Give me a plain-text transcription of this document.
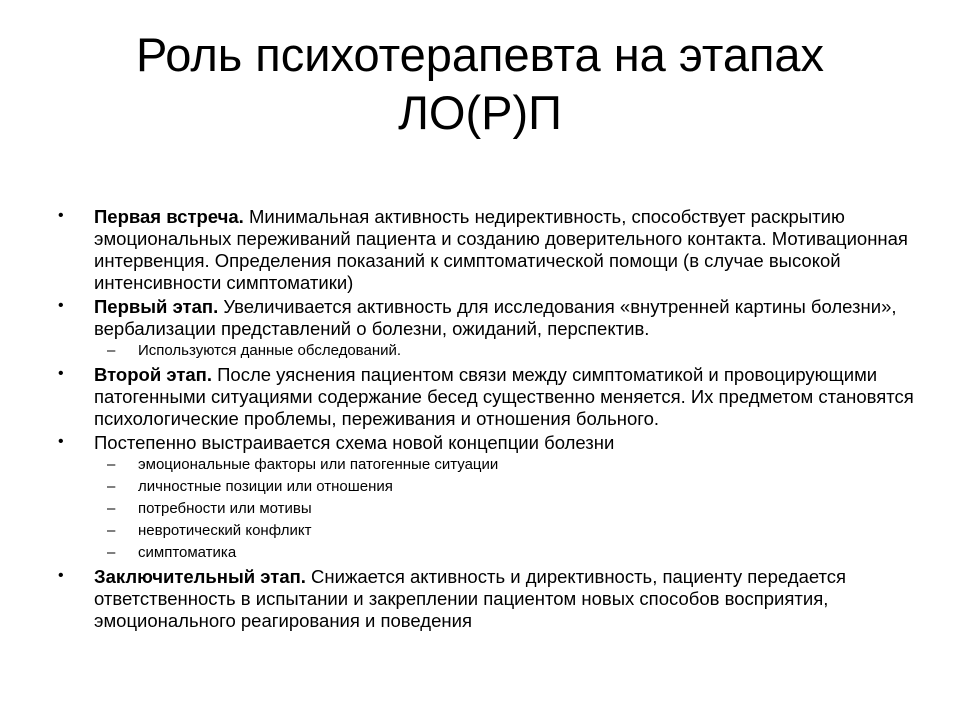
Роль психотерапевта на этапах
ЛО(Р)П
• Первая встреча. Минимальная активность недирективность, способствует раскрытию эмоциональных переживаний пациента и созданию доверительного контакта. Мотивационная интервенция. Определения показаний к симптоматической помощи (в случае высокой интенсивности симптоматики)
• Первый этап. Увеличивается активность для исследования «внутренней картины болезни», вербализации представлений о болезни, ожиданий, перспектив.
– Используются данные обследований.
• Второй этап. После уяснения пациентом связи между симптоматикой и провоцирующими патогенными ситуациями содержание бесед существенно меняется. Их предметом становятся психологические проблемы, переживания и отношения больного.
• Постепенно выстраивается схема новой концепции болезни
– эмоциональные факторы или патогенные ситуации
– личностные позиции или отношения
– потребности или мотивы
– невротический конфликт
– симптоматика
• Заключительный этап. Снижается активность и директивность, пациенту передается ответственность в испытании и закреплении пациентом новых способов восприятия, эмоционального реагирования и поведения
